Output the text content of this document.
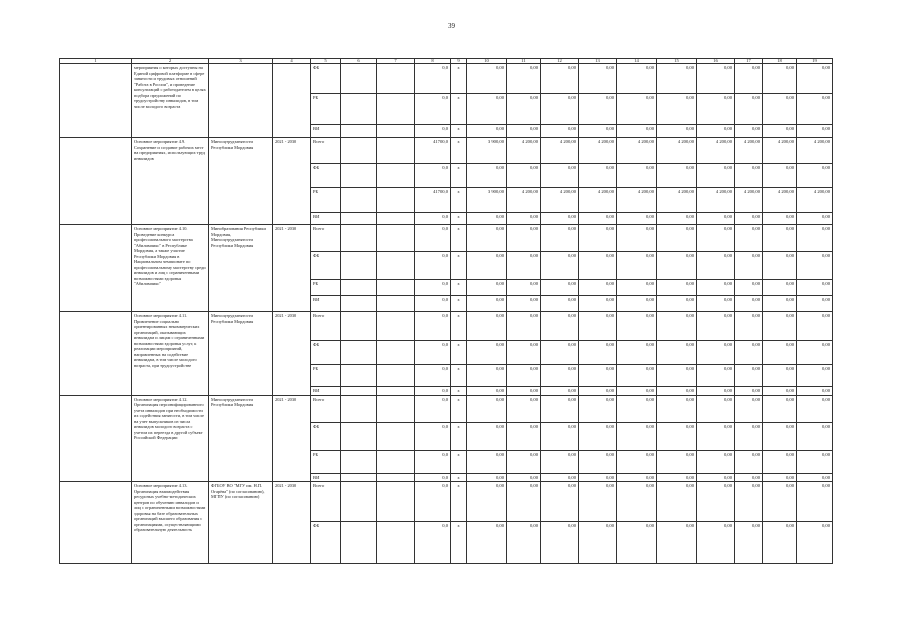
39
1	2	3	4	5	6	7	8	9	10	11	12	13	14	15	16	17	18	19
	мероприятия о которых доступны на Единой цифровой платформе в сфере занятости и трудовых отношений "Работа в России", и проведение консультаций с работодателем в целях подбора предложений по трудоустройству инвалидов, в том числе молодого возраста			ФБ			0,0	x	0,00	0,00	0,00	0,00	0,00	0,00	0,00	0,00	0,00	0,00
				РБ			0,0	x	0,00	0,00	0,00	0,00	0,00	0,00	0,00	0,00	0,00	0,00
				ВИ			0,0	x	0,00	0,00	0,00	0,00	0,00	0,00	0,00	0,00	0,00	0,00
	Основное мероприятие 4.9. Сохранение и создание рабочих мест на предприятиях, использующих труд инвалидов	Минсоцтрудзанятости Республики Мордовия	2021 - 2030	Всего			41700,0	x	3 900,00	4 200,00	4 200,00	4 200,00	4 200,00	4 200,00	4 200,00	4 200,00	4 200,00	4 200,00
				ФБ			0,0	x	0,00	0,00	0,00	0,00	0,00	0,00	0,00	0,00	0,00	0,00
				РБ			41700,0	x	3 900,00	4 200,00	4 200,00	4 200,00	4 200,00	4 200,00	4 200,00	4 200,00	4 200,00	4 200,00
				ВИ			0,0	x	0,00	0,00	0,00	0,00	0,00	0,00	0,00	0,00	0,00	0,00
	Основное мероприятие 4.10. Проведение конкурса профессионального мастерства "Абилимпикс" в Республике Мордовия, а также участие Республики Мордовия в Национальном чемпионате по профессиональному мастерству среди инвалидов и лиц с ограниченными возможностями здоровья "Абилимпикс"	Минобразования Республики Мордовия, Минсоцтрудзанятости Республики Мордовия	2021 - 2030	Всего			0,0	x	0,00	0,00	0,00	0,00	0,00	0,00	0,00	0,00	0,00	0,00
				ФБ			0,0	x	0,00	0,00	0,00	0,00	0,00	0,00	0,00	0,00	0,00	0,00
				РБ			0,0	x	0,00	0,00	0,00	0,00	0,00	0,00	0,00	0,00	0,00	0,00
				ВИ			0,0	x	0,00	0,00	0,00	0,00	0,00	0,00	0,00	0,00	0,00	0,00
	Основное мероприятие 4.11. Привлечение социально ориентированных некоммерческих организаций, оказывающих инвалидам и лицам с ограниченными возможностями здоровья услуг, к реализации мероприятий, направленных на содействие инвалидам, в том числе молодого возраста, при трудоустройстве	Минсоцтрудзанятости Республики Мордовия	2021 - 2030	Всего			0,0	x	0,00	0,00	0,00	0,00	0,00	0,00	0,00	0,00	0,00	0,00
				ФБ			0,0	x	0,00	0,00	0,00	0,00	0,00	0,00	0,00	0,00	0,00	0,00
				РБ			0,0	x	0,00	0,00	0,00	0,00	0,00	0,00	0,00	0,00	0,00	0,00
				ВИ			0,0	x	0,00	0,00	0,00	0,00	0,00	0,00	0,00	0,00	0,00	0,00
	Основное мероприятие 4.12. Организация персонифицированного учета инвалидов при необходимости их содействия занятости, в том числе на учет выпускников из числа инвалидов молодого возраста с учетом их переезда в другой субъект Российской Федерации	Минсоцтрудзанятости Республики Мордовия	2021 - 2030	Всего			0,0	x	0,00	0,00	0,00	0,00	0,00	0,00	0,00	0,00	0,00	0,00
				ФБ			0,0	x	0,00	0,00	0,00	0,00	0,00	0,00	0,00	0,00	0,00	0,00
				РБ			0,0	x	0,00	0,00	0,00	0,00	0,00	0,00	0,00	0,00	0,00	0,00
				ВИ			0,0	x	0,00	0,00	0,00	0,00	0,00	0,00	0,00	0,00	0,00	0,00
	Основное мероприятие 4.13. Организация взаимодействия ресурсных учебно-методических центров по обучению инвалидов и лиц с ограниченными возможностями здоровья на базе образовательных организаций высшего образования с организациями, осуществляющими образовательную деятельность	ФГБОУ ВО "МГУ им. Н.П. Огарёва" (по согласованию), МГПУ (по согласованию)	2021 - 2030	Всего			0,0	x	0,00	0,00	0,00	0,00	0,00	0,00	0,00	0,00	0,00	0,00
				ФБ			0,0	x	0,00	0,00	0,00	0,00	0,00	0,00	0,00	0,00	0,00	0,00
